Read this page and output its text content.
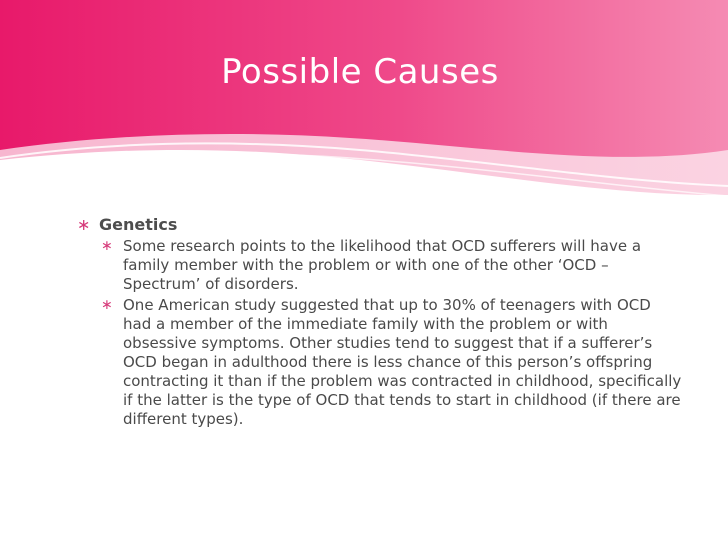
Possible Causes
∗ Genetics
∗ Some research points to the likelihood that OCD sufferers will have a family member with the problem or with one of the other ‘OCD –Spectrum’ of disorders.
∗ One American study suggested that up to 30% of teenagers with OCD had a member of the immediate family with the problem or with obsessive symptoms. Other studies tend to suggest that if a sufferer’s OCD began in adulthood there is less chance of this person’s offspring contracting it than if the problem was contracted in childhood, specifically if the latter is the type of OCD that tends to start in childhood (if there are different types).
